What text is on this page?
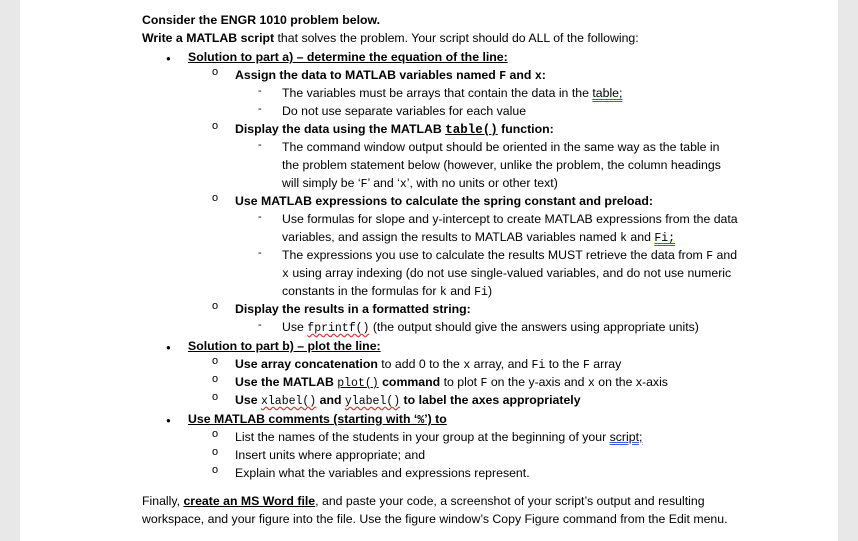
Consider the ENGR 1010 problem below.
Write a MATLAB script that solves the problem. Your script should do ALL of the following:
●
Solution to part a) – determine the equation of the line:
o
Assign the data to MATLAB variables named F and x:
-
The variables must be arrays that contain the data in the table;
-
Do not use separate variables for each value
o
Display the data using the MATLAB table() function:
-
The command window output should be oriented in the same way as the table in
the problem statement below (however, unlike the problem, the column headings
will simply be ‘F’ and ‘x’, with no units or other text)
o
Use MATLAB expressions to calculate the spring constant and preload:
-
Use formulas for slope and y-intercept to create MATLAB expressions from the data
variables, and assign the results to MATLAB variables named k and Fi;
-
The expressions you use to calculate the results MUST retrieve the data from F and
x using array indexing (do not use single-valued variables, and do not use numeric
constants in the formulas for k and Fi)
o
Display the results in a formatted string:
-
Use fprintf() (the output should give the answers using appropriate units)
●
Solution to part b) – plot the line:
o
Use array concatenation to add 0 to the x array, and Fi to the F array
o
Use the MATLAB plot() command to plot F on the y-axis and x on the x-axis
o
Use xlabel() and ylabel() to label the axes appropriately
●
Use MATLAB comments (starting with ‘%’) to
o
List the names of the students in your group at the beginning of your script;
o
Insert units where appropriate; and
o
Explain what the variables and expressions represent.
Finally, create an MS Word file, and paste your code, a screenshot of your script’s output and resulting
workspace, and your figure into the file. Use the figure window’s Copy Figure command from the Edit menu.
